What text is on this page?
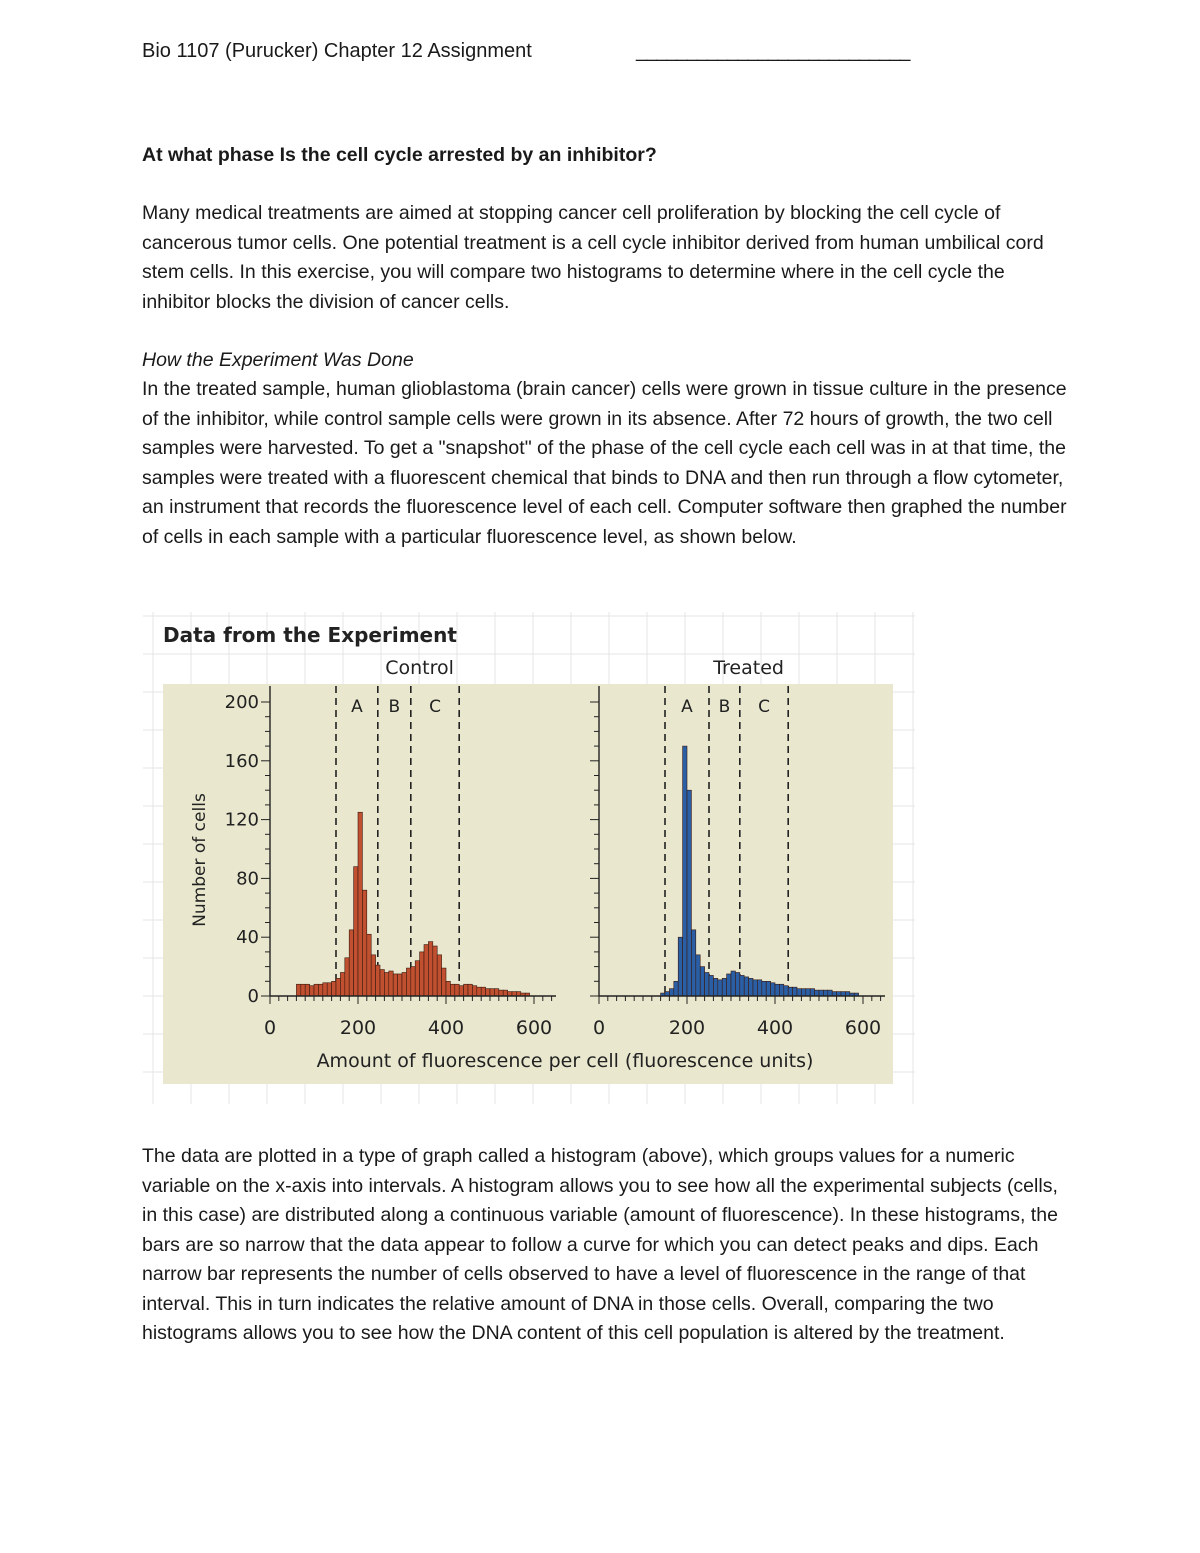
Bio 1107 (Purucker) Chapter 12 Assignment	___________________________
At what phase Is the cell cycle arrested by an inhibitor?

Many medical treatments are aimed at stopping cancer cell proliferation by blocking the cell cycle of cancerous tumor cells. One potential treatment is a cell cycle inhibitor derived from human umbilical cord stem cells. In this exercise, you will compare two histograms to determine where in the cell cycle the inhibitor blocks the division of cancer cells.

How the Experiment Was Done

In the treated sample, human glioblastoma (brain cancer) cells were grown in tissue culture in the presence of the inhibitor, while control sample cells were grown in its absence. After 72 hours of growth, the two cell samples were harvested. To get a "snapshot" of the phase of the cell cycle each cell was in at that time, the samples were treated with a fluorescent chemical that binds to DNA and then run through a flow cytometer, an instrument that records the fluorescence level of each cell. Computer software then graphed the number of cells in each sample with a particular fluorescence level, as shown below.

Data from the Experiment
Number of cells
Amount of fluorescence per cell (fluorescence units)
Control
A B C
0
40
80
120
160
200
0	200	400	600
Treated
A B C
0	200	400	600

The data are plotted in a type of graph called a histogram (above), which groups values for a numeric variable on the x-axis into intervals. A histogram allows you to see how all the experimental subjects (cells, in this case) are distributed along a continuous variable (amount of fluorescence). In these histograms, the bars are so narrow that the data appear to follow a curve for which you can detect peaks and dips. Each narrow bar represents the number of cells observed to have a level of fluorescence in the range of that interval. This in turn indicates the relative amount of DNA in those cells. Overall, comparing the two histograms allows you to see how the DNA content of this cell population is altered by the treatment.
